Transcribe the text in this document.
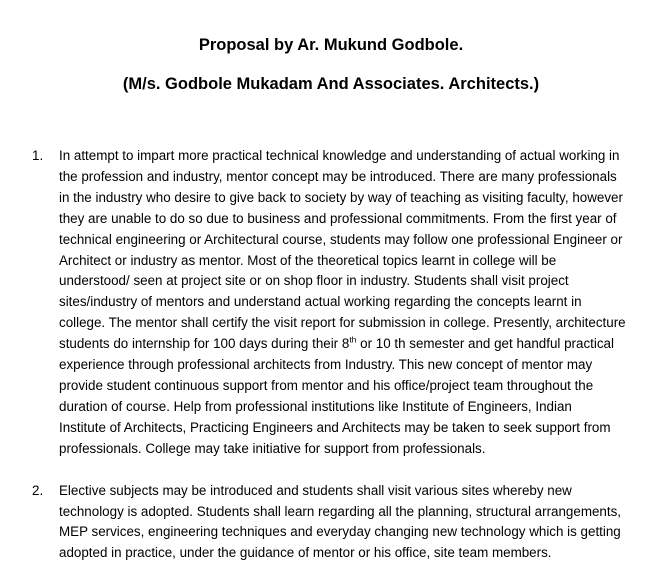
Proposal by Ar. Mukund Godbole.
(M/s. Godbole Mukadam And Associates. Architects.)
1. In attempt to impart more practical technical knowledge and understanding of actual working in
the profession and industry, mentor concept may be introduced. There are many professionals
in the industry who desire to give back to society by way of teaching as visiting faculty, however
they are unable to do so due to business and professional commitments. From the first year of
technical engineering or Architectural course, students may follow one professional Engineer or
Architect or industry as mentor. Most of the theoretical topics learnt in college will be
understood/ seen at project site or on shop floor in industry. Students shall visit project
sites/industry of mentors and understand actual working regarding the concepts learnt in
college. The mentor shall certify the visit report for submission in college. Presently, architecture
students do internship for 100 days during their 8th or 10 th semester and get handful practical
experience through professional architects from Industry. This new concept of mentor may
provide student continuous support from mentor and his office/project team throughout the
duration of course. Help from professional institutions like Institute of Engineers, Indian
Institute of Architects, Practicing Engineers and Architects may be taken to seek support from
professionals. College may take initiative for support from professionals.
2. Elective subjects may be introduced and students shall visit various sites whereby new
technology is adopted. Students shall learn regarding all the planning, structural arrangements,
MEP services, engineering techniques and everyday changing new technology which is getting
adopted in practice, under the guidance of mentor or his office, site team members.
